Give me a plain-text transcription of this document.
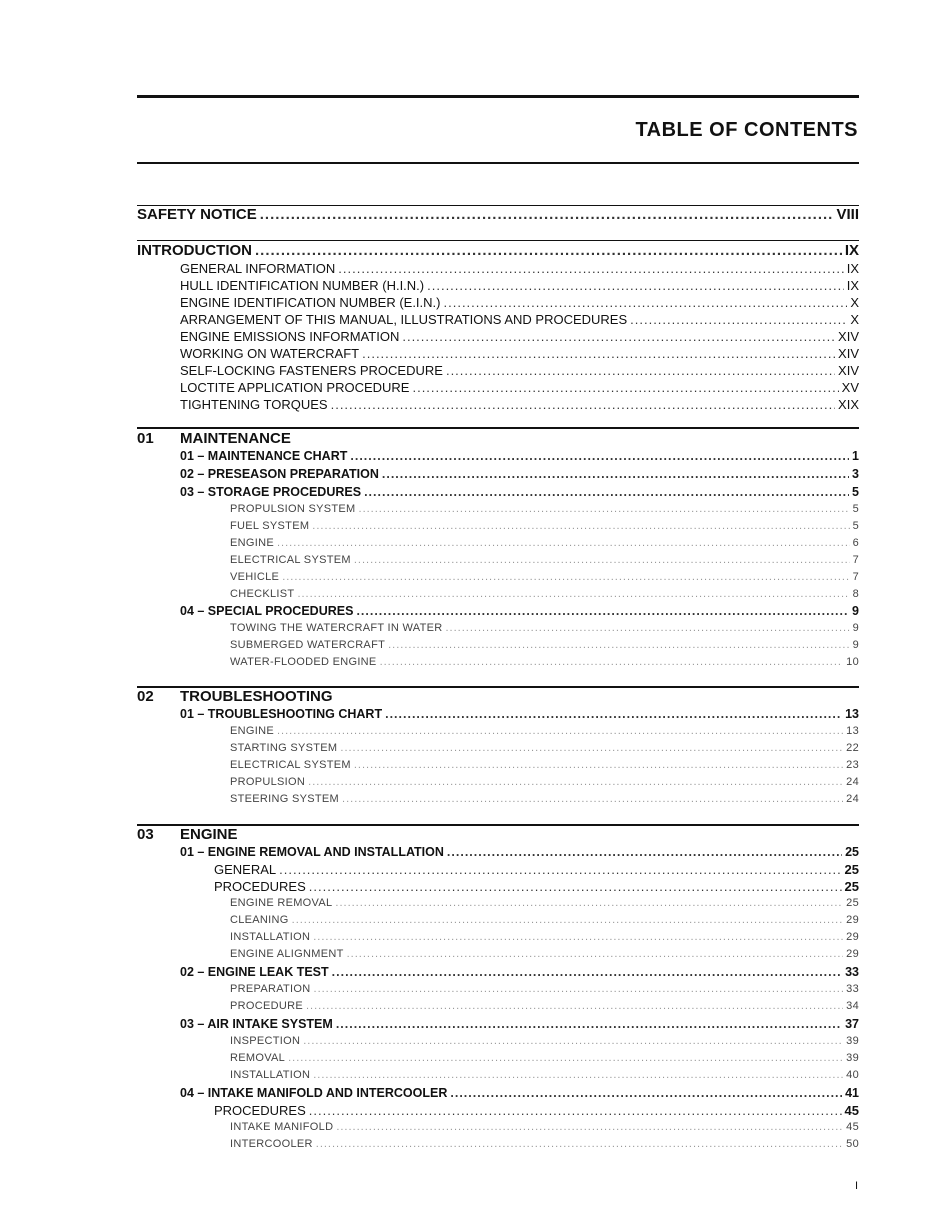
TABLE OF CONTENTS
SAFETY NOTICE .....	VIII
INTRODUCTION .....	IX
GENERAL INFORMATION .....	IX
HULL IDENTIFICATION NUMBER (H.I.N.) .....	IX
ENGINE IDENTIFICATION NUMBER (E.I.N.) .....	X
ARRANGEMENT OF THIS MANUAL, ILLUSTRATIONS AND PROCEDURES .....	X
ENGINE EMISSIONS INFORMATION .....	XIV
WORKING ON WATERCRAFT .....	XIV
SELF-LOCKING FASTENERS PROCEDURE .....	XIV
LOCTITE APPLICATION PROCEDURE .....	XV
TIGHTENING TORQUES .....	XIX
01	MAINTENANCE
01 – MAINTENANCE CHART .....	1
02 – PRESEASON PREPARATION .....	3
03 – STORAGE PROCEDURES .....	5
PROPULSION SYSTEM .....	5
FUEL SYSTEM .....	5
ENGINE .....	6
ELECTRICAL SYSTEM .....	7
VEHICLE .....	7
CHECKLIST .....	8
04 – SPECIAL PROCEDURES .....	9
TOWING THE WATERCRAFT IN WATER .....	9
SUBMERGED WATERCRAFT .....	9
WATER-FLOODED ENGINE .....	10
02	TROUBLESHOOTING
01 – TROUBLESHOOTING CHART .....	13
ENGINE .....	13
STARTING SYSTEM .....	22
ELECTRICAL SYSTEM .....	23
PROPULSION .....	24
STEERING SYSTEM .....	24
03	ENGINE
01 – ENGINE REMOVAL AND INSTALLATION .....	25
GENERAL .....	25
PROCEDURES .....	25
ENGINE REMOVAL .....	25
CLEANING .....	29
INSTALLATION .....	29
ENGINE ALIGNMENT .....	29
02 – ENGINE LEAK TEST .....	33
PREPARATION .....	33
PROCEDURE .....	34
03 – AIR INTAKE SYSTEM .....	37
INSPECTION .....	39
REMOVAL .....	39
INSTALLATION .....	40
04 – INTAKE MANIFOLD AND INTERCOOLER .....	41
PROCEDURES .....	45
INTAKE MANIFOLD .....	45
INTERCOOLER .....	50
I
